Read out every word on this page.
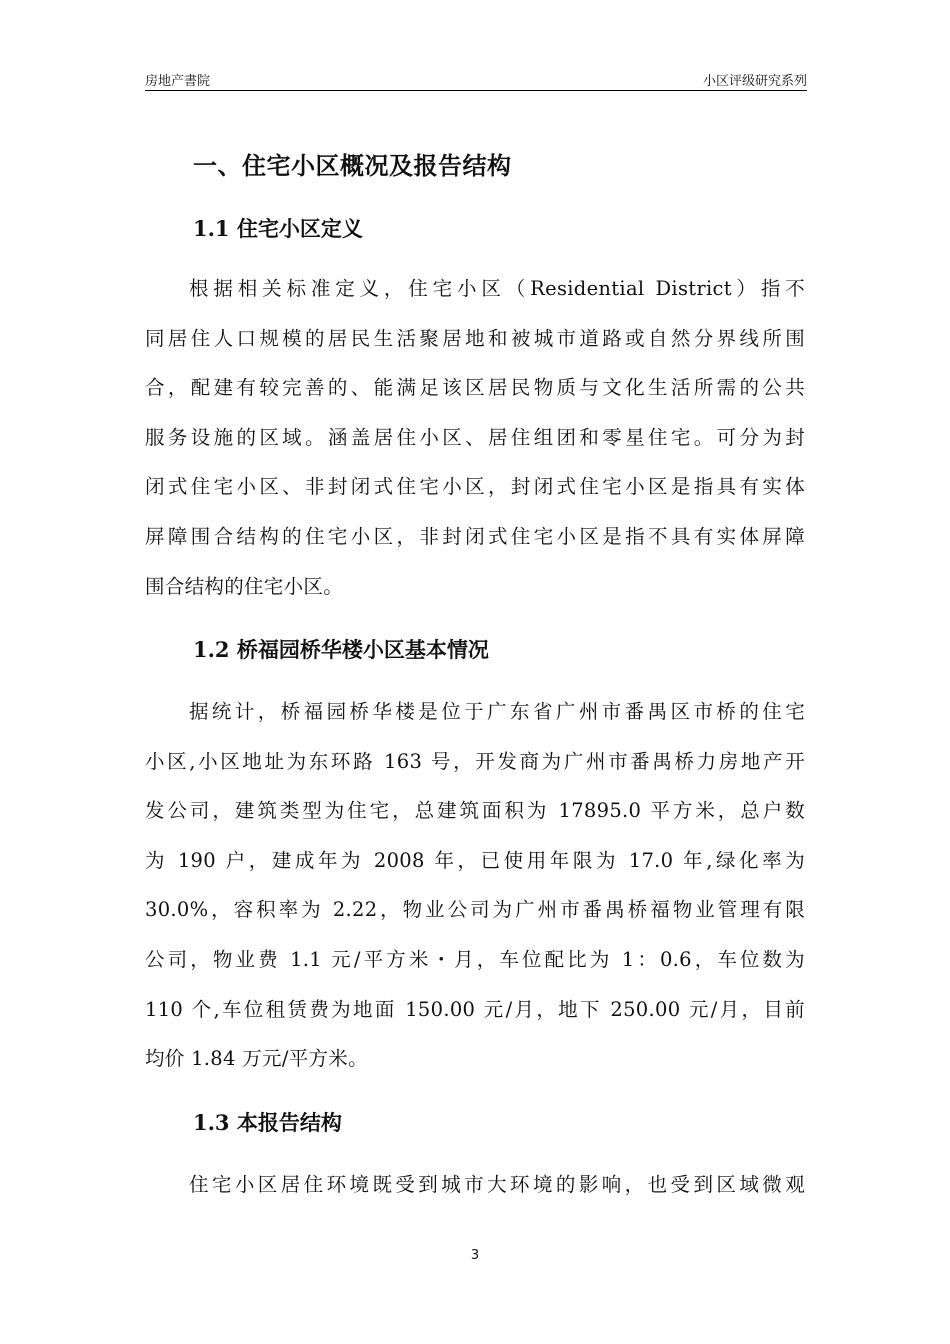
房地产書院	小区评级研究系列
一、住宅小区概况及报告结构
1.1 住宅小区定义
根据相关标准定义，住宅小区（Residential District）指不
同居住人口规模的居民生活聚居地和被城市道路或自然分界线所围
合，配建有较完善的、能满足该区居民物质与文化生活所需的公共
服务设施的区域。涵盖居住小区、居住组团和零星住宅。可分为封
闭式住宅小区、非封闭式住宅小区，封闭式住宅小区是指具有实体
屏障围合结构的住宅小区，非封闭式住宅小区是指不具有实体屏障
围合结构的住宅小区。
1.2 桥福园桥华楼小区基本情况
据统计，桥福园桥华楼是位于广东省广州市番禺区市桥的住宅
小区,小区地址为东环路 163 号，开发商为广州市番禺桥力房地产开
发公司，建筑类型为住宅，总建筑面积为 17895.0 平方米，总户数
为 190 户，建成年为 2008 年，已使用年限为 17.0 年,绿化率为
30.0%，容积率为 2.22，物业公司为广州市番禺桥福物业管理有限
公司，物业费 1.1 元/平方米・月，车位配比为 1：0.6，车位数为
110 个,车位租赁费为地面 150.00 元/月，地下 250.00 元/月，目前
均价 1.84 万元/平方米。
1.3 本报告结构
住宅小区居住环境既受到城市大环境的影响，也受到区域微观
3
